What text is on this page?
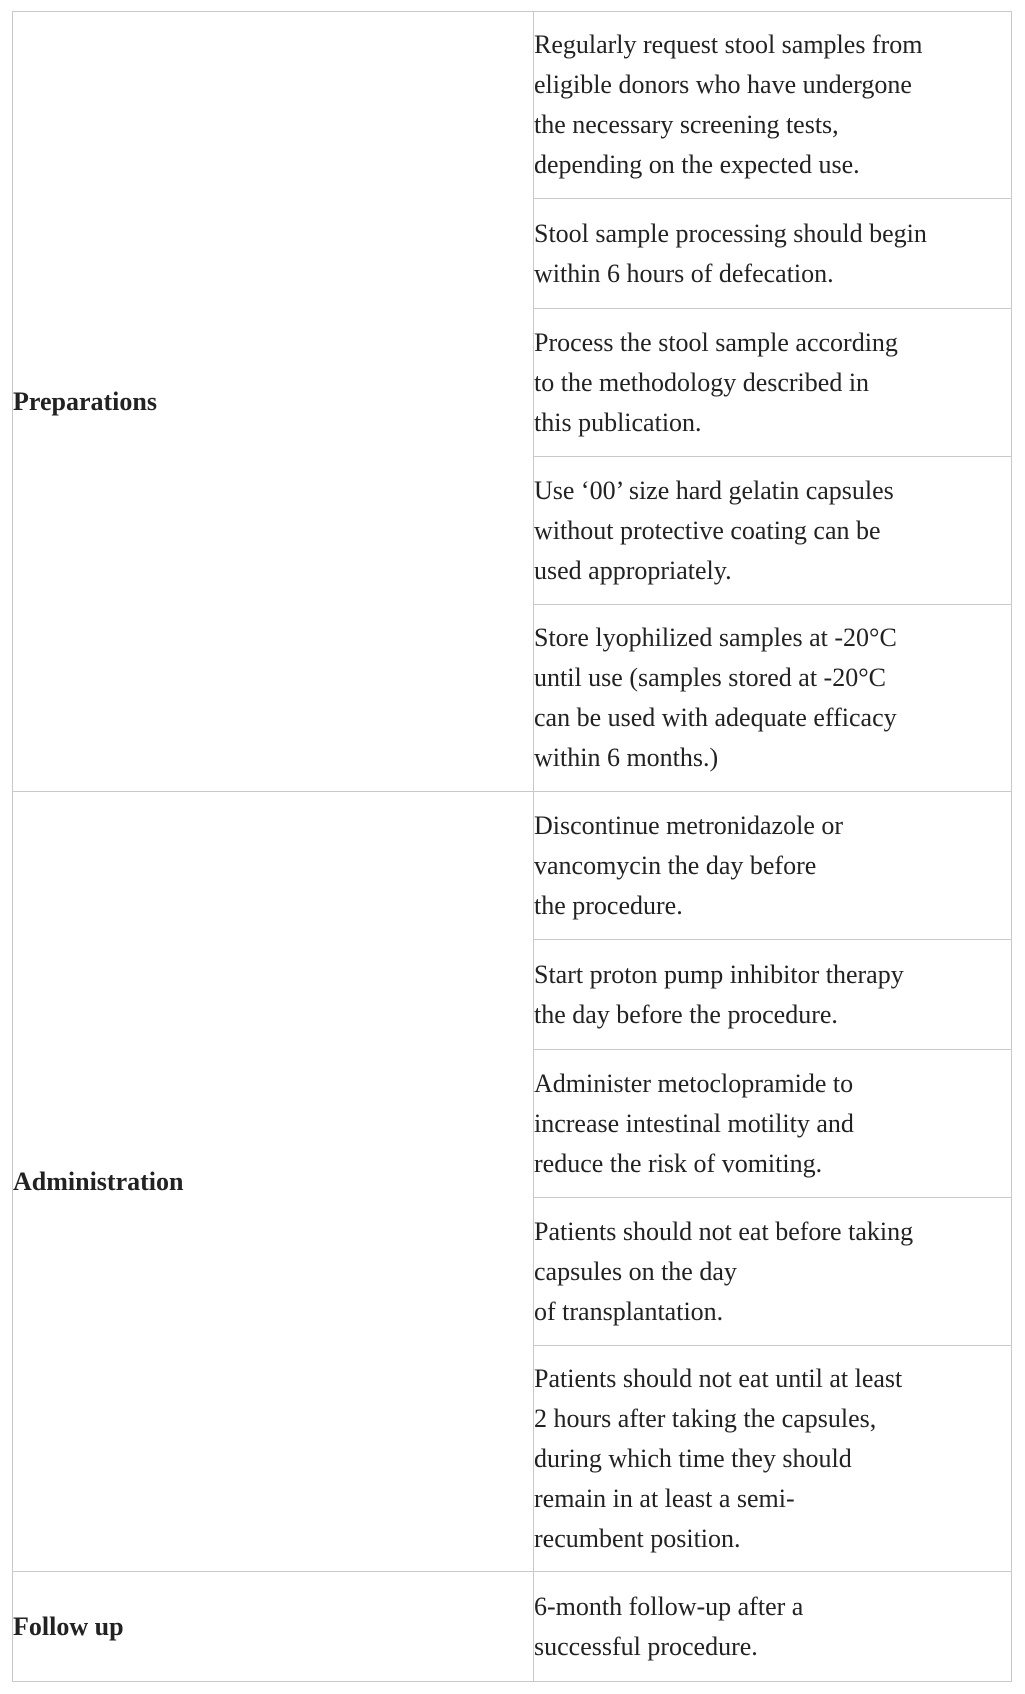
Preparations	Regularly request stool samples from
eligible donors who have undergone
the necessary screening tests,
depending on the expected use.
	Stool sample processing should begin
within 6 hours of defecation.
	Process the stool sample according
to the methodology described in
this publication.
	Use ‘00’ size hard gelatin capsules
without protective coating can be
used appropriately.
	Store lyophilized samples at -20°C
until use (samples stored at -20°C
can be used with adequate efficacy
within 6 months.)
Administration	Discontinue metronidazole or
vancomycin the day before
the procedure.
	Start proton pump inhibitor therapy
the day before the procedure.
	Administer metoclopramide to
increase intestinal motility and
reduce the risk of vomiting.
	Patients should not eat before taking
capsules on the day
of transplantation.
	Patients should not eat until at least
2 hours after taking the capsules,
during which time they should
remain in at least a semi-
recumbent position.
Follow up	6-month follow-up after a
successful procedure.
